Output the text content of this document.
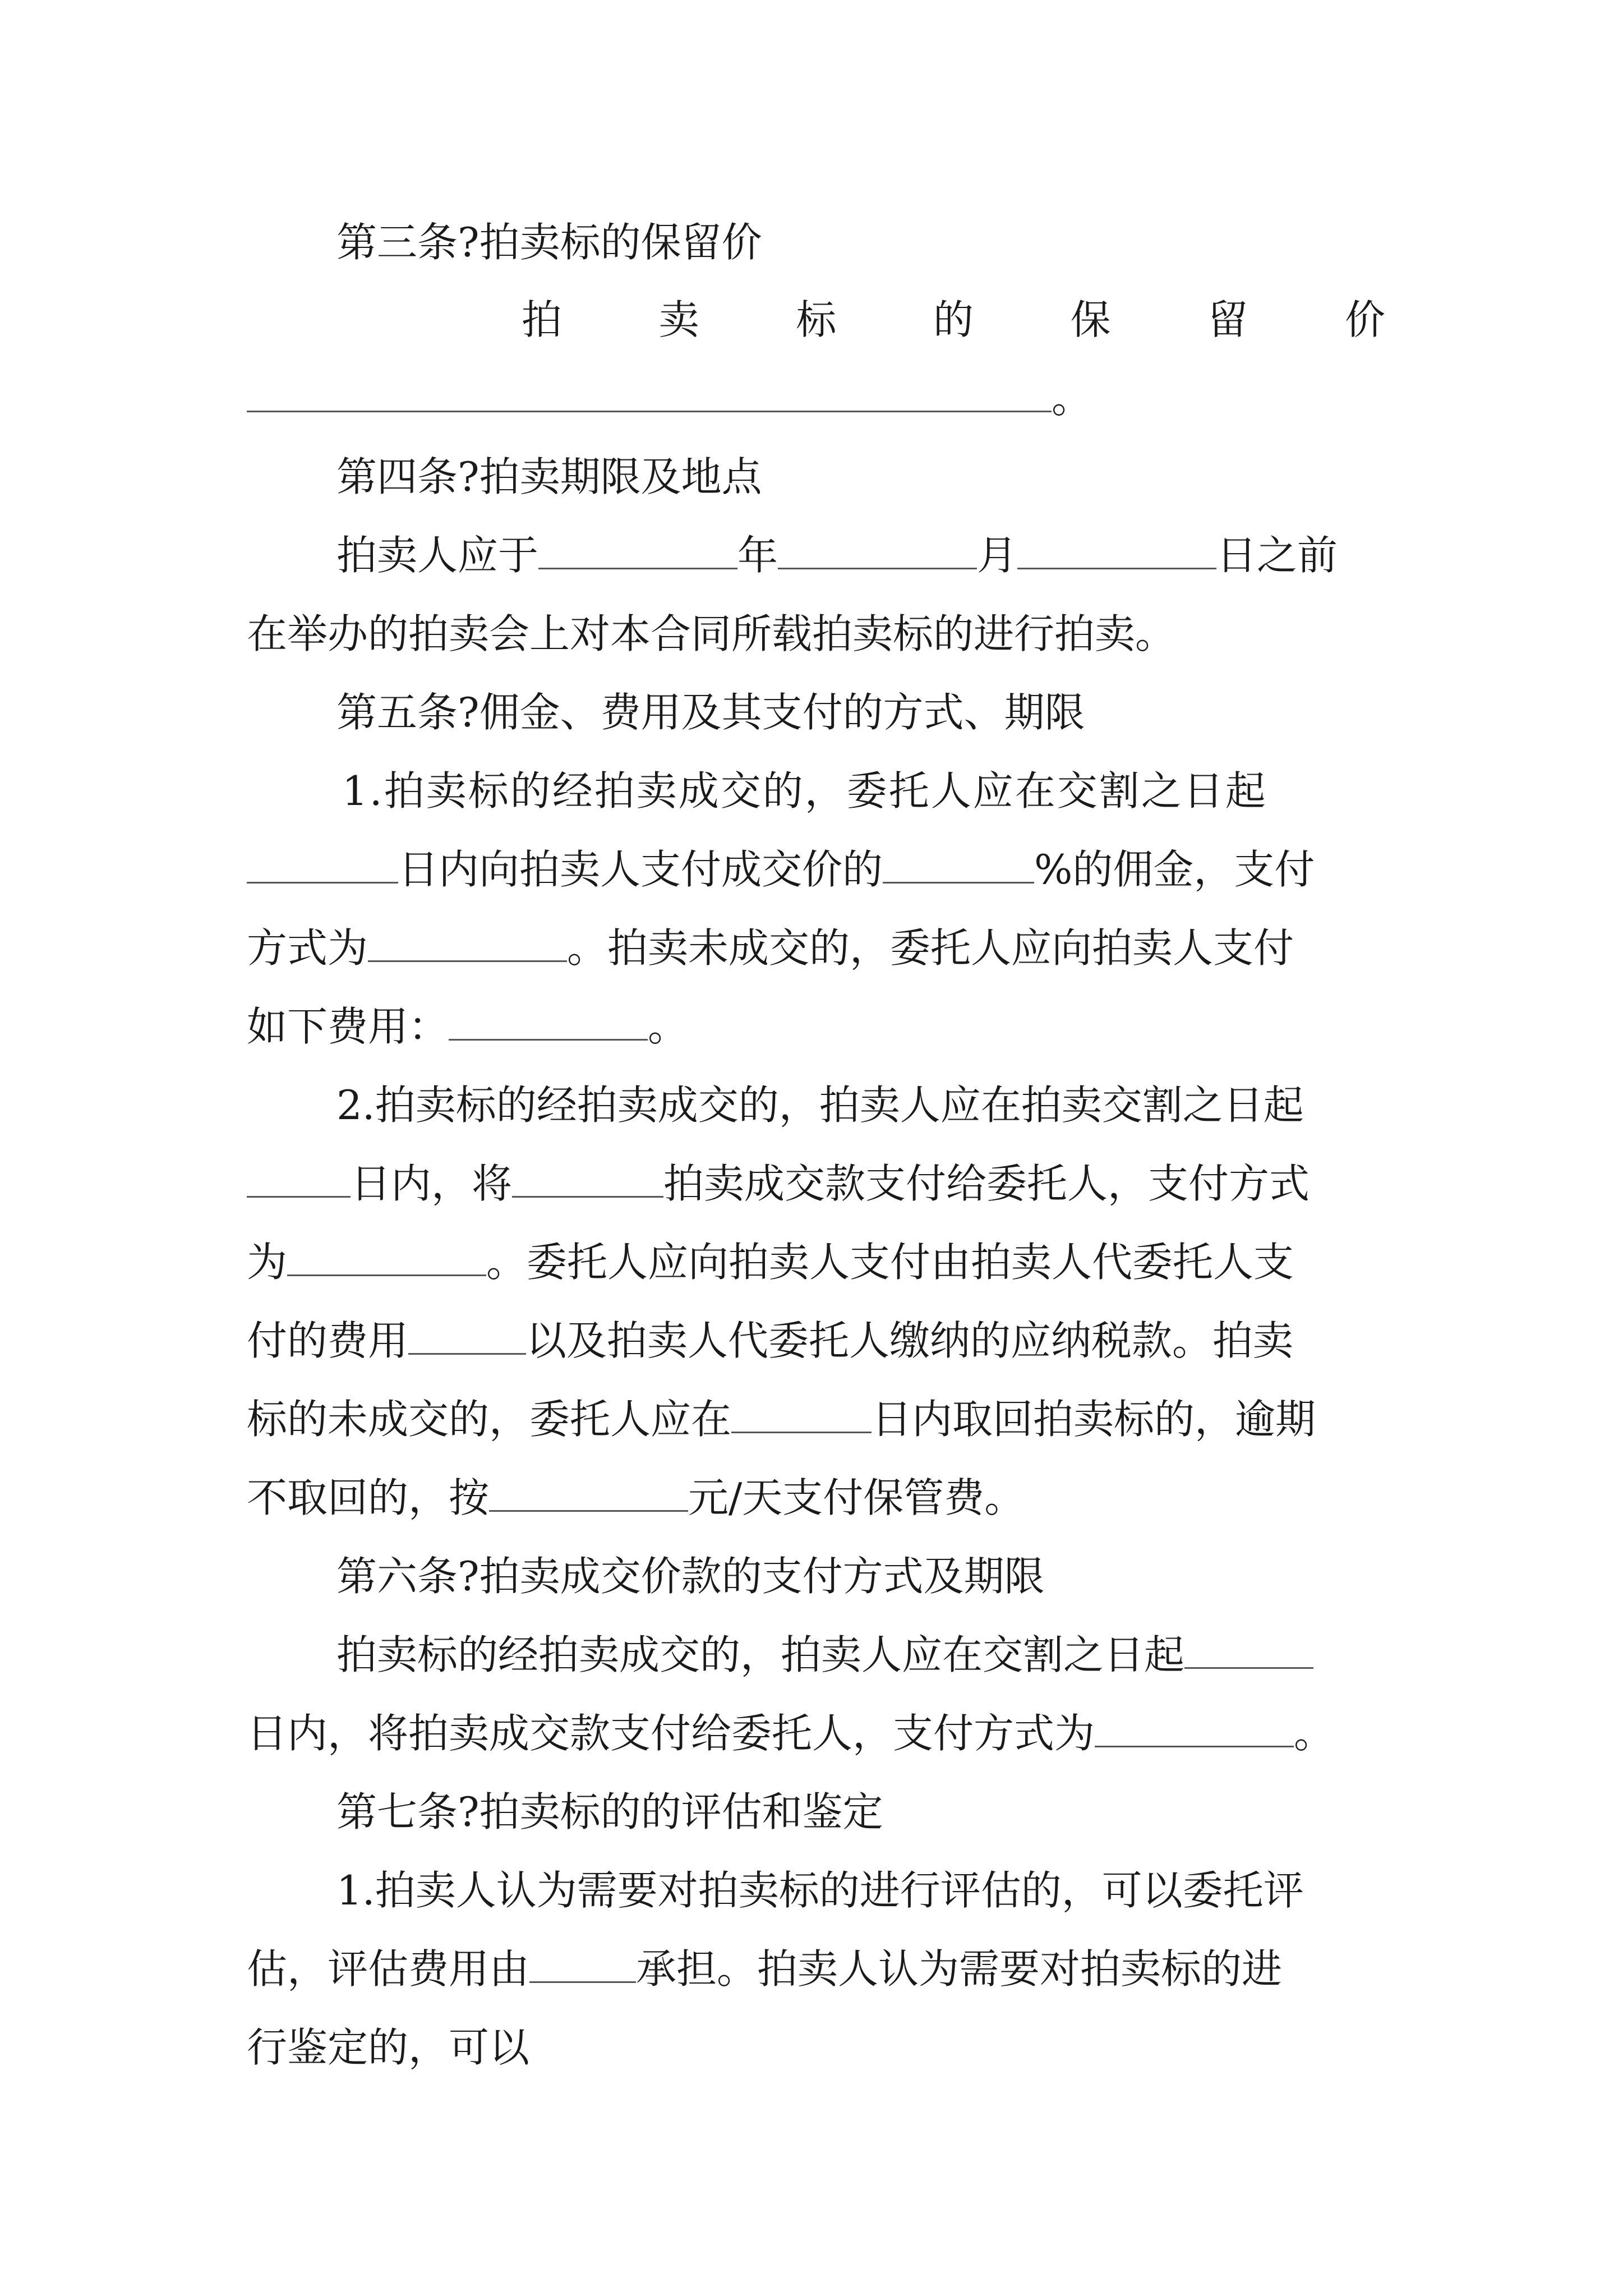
第三条?拍卖标的保留价
拍 卖 标 的 保 留 价
。
第四条?拍卖期限及地点
拍卖人应于	年	月	日之前
在举办的拍卖会上对本合同所载拍卖标的进行拍卖。
第五条?佣金、费用及其支付的方式、期限
1.拍卖标的经拍卖成交的，委托人应在交割之日起
日内向拍卖人支付成交价的	%的佣金，支付
方式为	。拍卖未成交的，委托人应向拍卖人支付
如下费用：	。
2.拍卖标的经拍卖成交的，拍卖人应在拍卖交割之日起
日内，将	拍卖成交款支付给委托人，支付方式
为	。委托人应向拍卖人支付由拍卖人代委托人支
付的费用	以及拍卖人代委托人缴纳的应纳税款。拍卖
标的未成交的，委托人应在	日内取回拍卖标的，逾期
不取回的，按	元/天支付保管费。
第六条?拍卖成交价款的支付方式及期限
拍卖标的经拍卖成交的，拍卖人应在交割之日起
日内，将拍卖成交款支付给委托人，支付方式为	。
第七条?拍卖标的的评估和鉴定
1.拍卖人认为需要对拍卖标的进行评估的，可以委托评
估，评估费用由	承担。拍卖人认为需要对拍卖标的进
行鉴定的，可以
